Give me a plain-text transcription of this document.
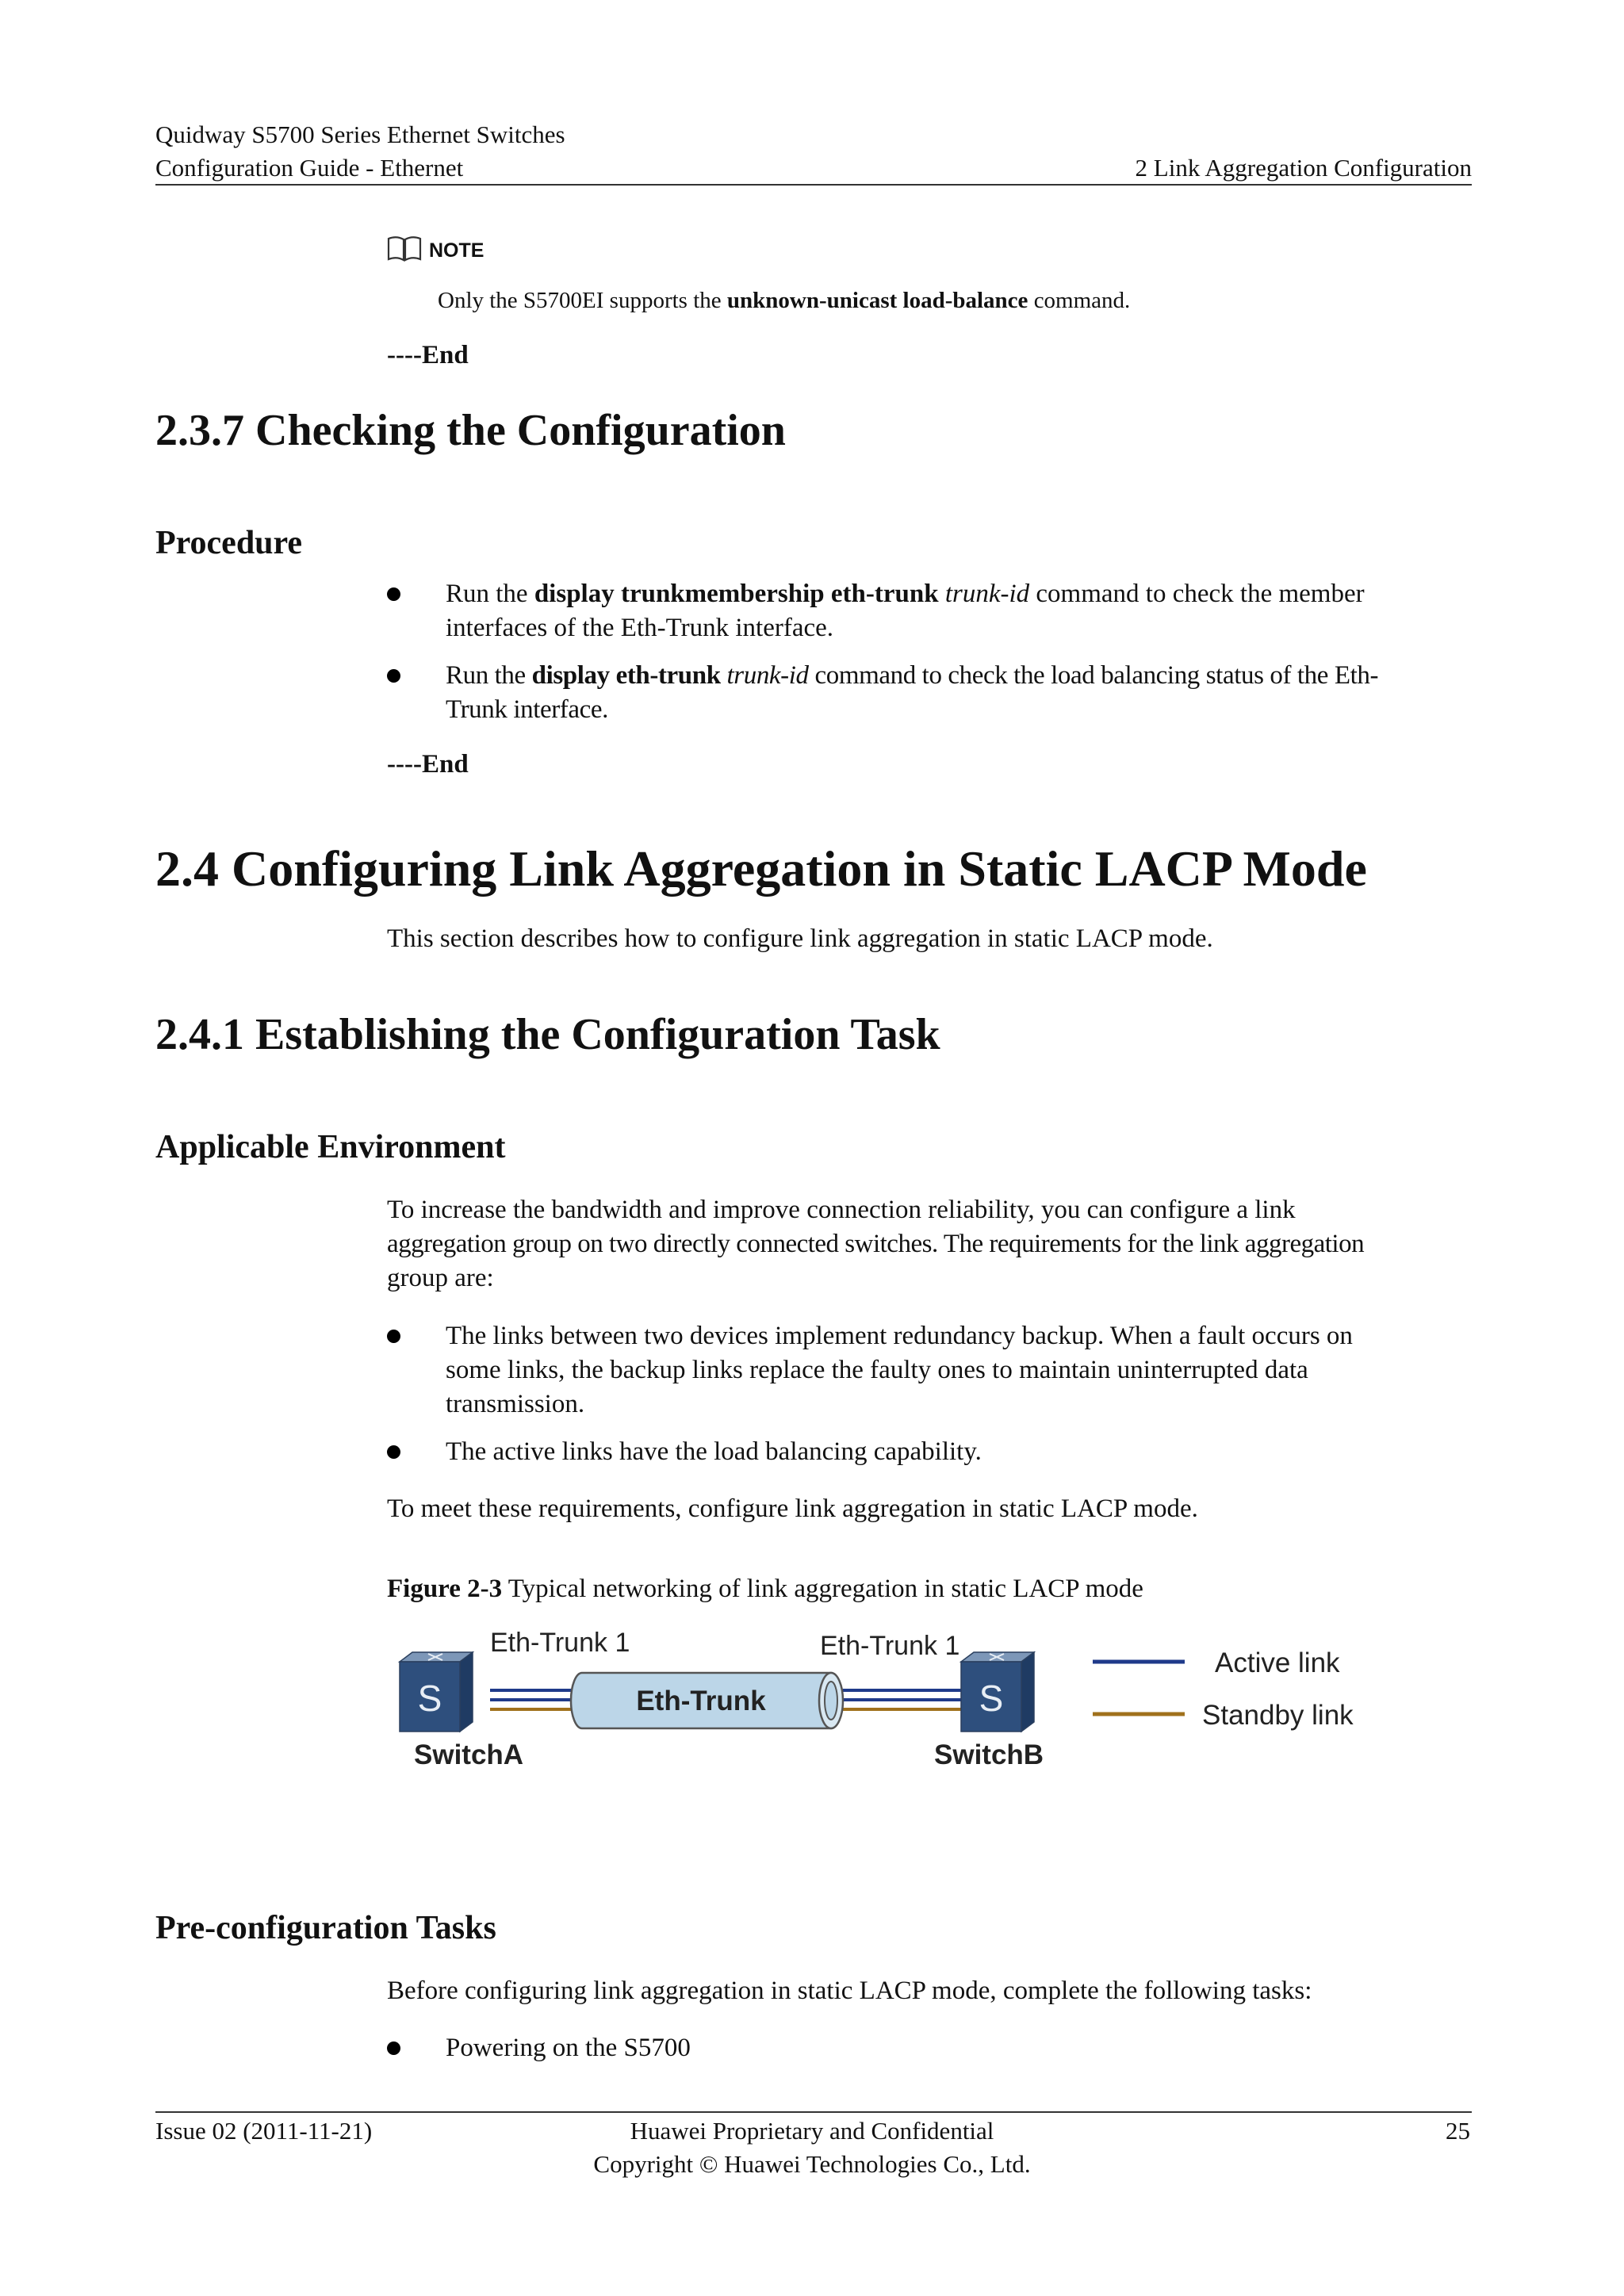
Quidway S5700 Series Ethernet Switches
Configuration Guide - Ethernet	2 Link Aggregation Configuration
NOTE
Only the S5700EI supports the unknown-unicast load-balance command.
----End
2.3.7 Checking the Configuration
Procedure
Run the display trunkmembership eth-trunk trunk-id command to check the member
interfaces of the Eth-Trunk interface.
Run the display eth-trunk trunk-id command to check the load balancing status of the Eth-
Trunk interface.
----End
2.4 Configuring Link Aggregation in Static LACP Mode
This section describes how to configure link aggregation in static LACP mode.
2.4.1 Establishing the Configuration Task
Applicable Environment
To increase the bandwidth and improve connection reliability, you can configure a link
aggregation group on two directly connected switches. The requirements for the link aggregation
group are:
The links between two devices implement redundancy backup. When a fault occurs on
some links, the backup links replace the faulty ones to maintain uninterrupted data
transmission.
The active links have the load balancing capability.
To meet these requirements, configure link aggregation in static LACP mode.
Figure 2-3 Typical networking of link aggregation in static LACP mode
S	S
Eth-Trunk 1	Eth-Trunk 1
Eth-Trunk
SwitchA	SwitchB
Active link
Standby link
Pre-configuration Tasks
Before configuring link aggregation in static LACP mode, complete the following tasks:
Powering on the S5700
Issue 02 (2011-11-21)	Huawei Proprietary and Confidential
Copyright © Huawei Technologies Co., Ltd.
25
